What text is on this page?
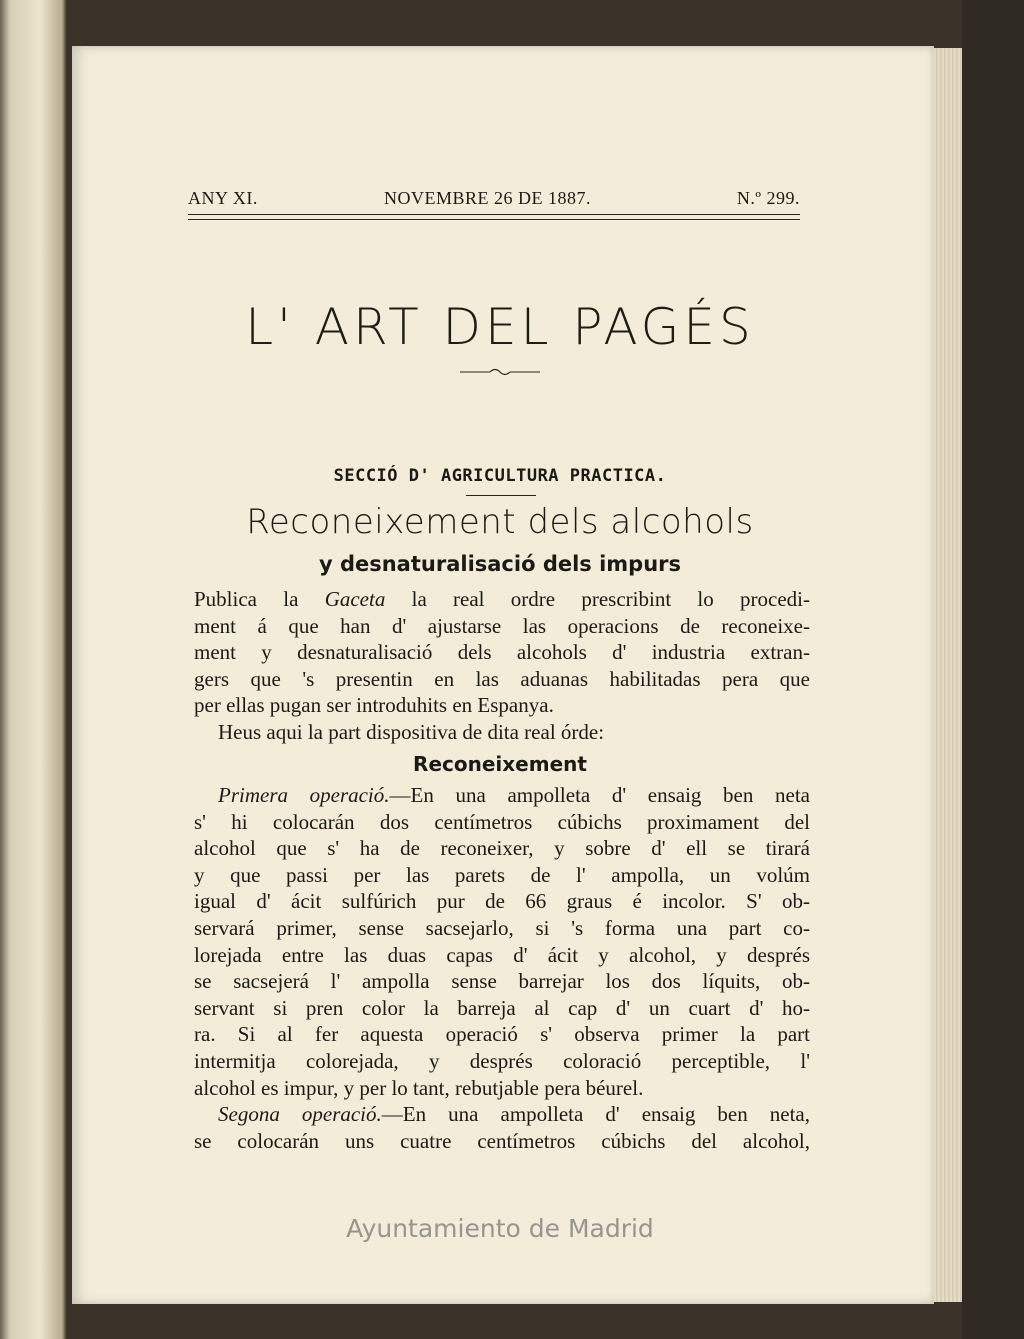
ANY XI.	NOVEMBRE 26 DE 1887.	N.º 299.
L' ART DEL PAGÉS
SECCIÓ D' AGRICULTURA PRACTICA.
Reconeixement dels alcohols
y desnaturalisació dels impurs
Publica la Gaceta la real ordre prescribint lo procedi-
ment á que han d' ajustarse las operacions de reconeixe-
ment y desnaturalisació dels alcohols d' industria extran-
gers que 's presentin en las aduanas habilitadas pera que
per ellas pugan ser introduhits en Espanya.
Heus aqui la part dispositiva de dita real órde:
Reconeixement
Primera operació.—En una ampolleta d' ensaig ben neta
s' hi colocarán dos centímetros cúbichs proximament del
alcohol que s' ha de reconeixer, y sobre d' ell se tirará
y que passi per las parets de l' ampolla, un volúm
igual d' ácit sulfúrich pur de 66 graus é incolor. S' ob-
servará primer, sense sacsejarlo, si 's forma una part co-
lorejada entre las duas capas d' ácit y alcohol, y després
se sacsejerá l' ampolla sense barrejar los dos líquits, ob-
servant si pren color la barreja al cap d' un cuart d' ho-
ra. Si al fer aquesta operació s' observa primer la part
intermitja colorejada, y després coloració perceptible, l'
alcohol es impur, y per lo tant, rebutjable pera béurel.
Segona operació.—En una ampolleta d' ensaig ben neta,
se colocarán uns cuatre centímetros cúbichs del alcohol,
Ayuntamiento de Madrid
